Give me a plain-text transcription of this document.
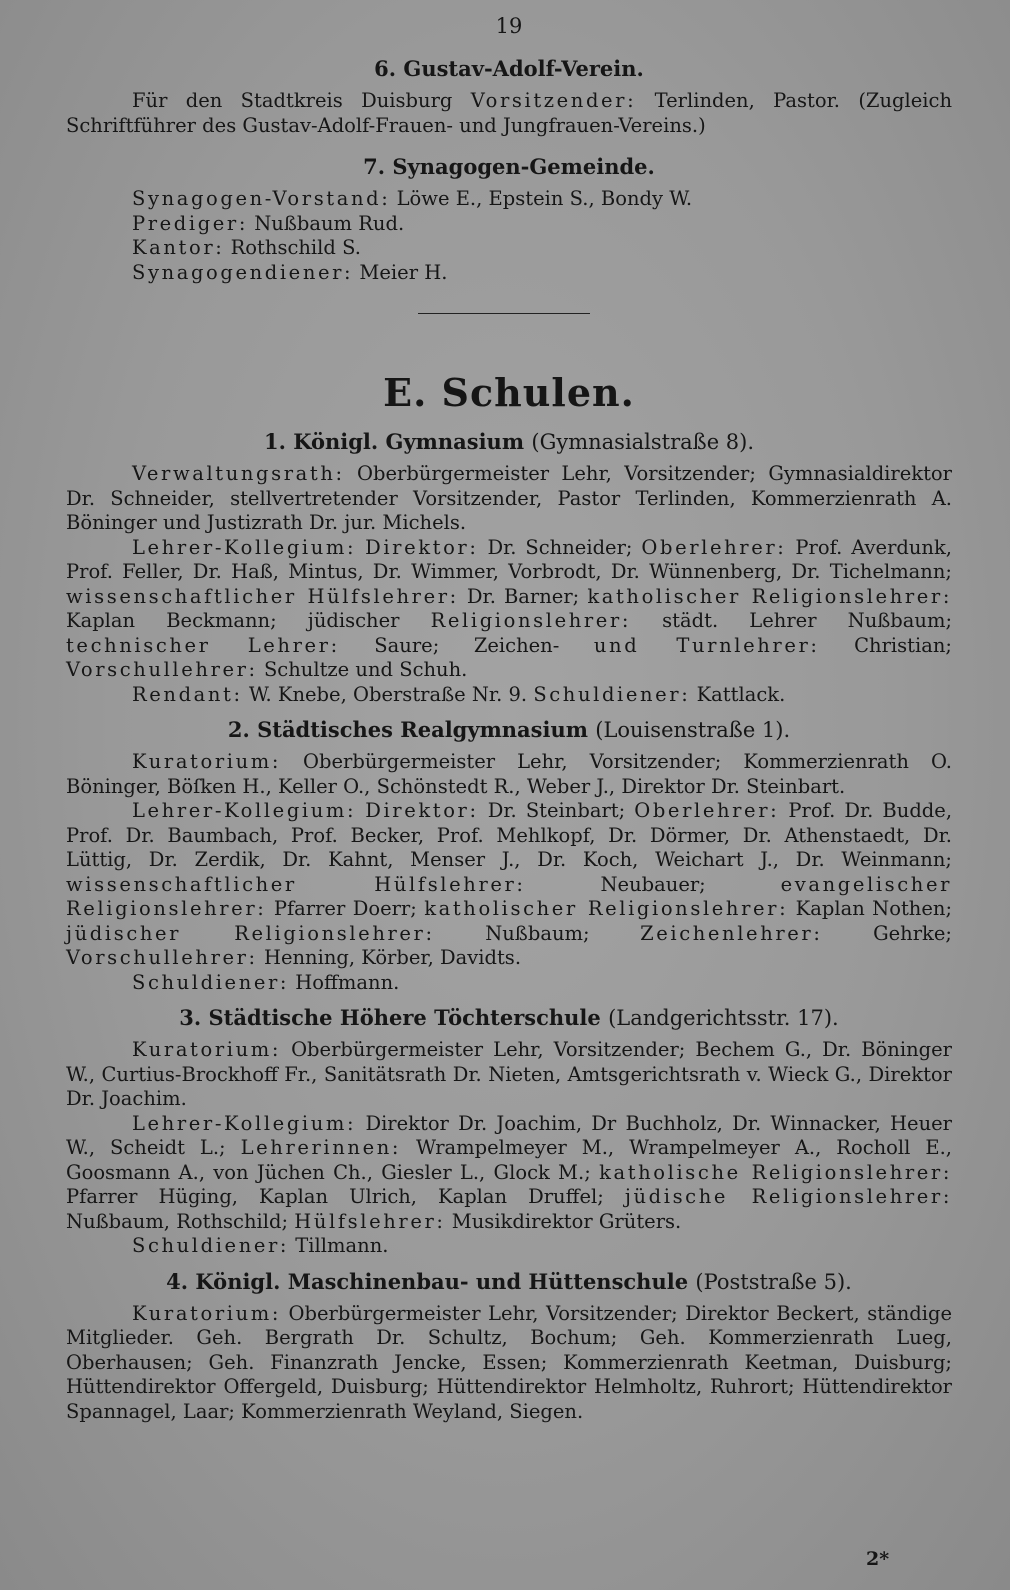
19
6. Gustav-Adolf-Verein.

Für den Stadtkreis Duisburg Vorsitzender: Terlinden, Pastor. (Zugleich Schriftführer des Gustav-Adolf-Frauen- und Jungfrauen-Vereins.)

7. Synagogen-Gemeinde.

Synagogen-Vorstand: Löwe E., Epstein S., Bondy W.

Prediger: Nußbaum Rud.

Kantor: Rothschild S.

Synagogendiener: Meier H.

E. Schulen.
1. Königl. Gymnasium (Gymnasialstraße 8).

Verwaltungsrath: Oberbürgermeister Lehr, Vorsitzender; Gymnasialdirektor Dr. Schneider, stellvertretender Vorsitzender, Pastor Terlinden, Kommerzienrath A. Böninger und Justizrath Dr. jur. Michels.

Lehrer-Kollegium: Direktor: Dr. Schneider; Oberlehrer: Prof. Averdunk, Prof. Feller, Dr. Haß, Mintus, Dr. Wimmer, Vorbrodt, Dr. Wünnenberg, Dr. Tichelmann; wissenschaftlicher Hülfslehrer: Dr. Barner; katholischer Religionslehrer: Kaplan Beckmann; jüdischer Religionslehrer: städt. Lehrer Nußbaum; technischer Lehrer: Saure; Zeichen- und Turnlehrer: Christian; Vorschullehrer: Schultze und Schuh.

Rendant: W. Knebe, Oberstraße Nr. 9. Schuldiener: Kattlack.

2. Städtisches Realgymnasium (Louisenstraße 1).

Kuratorium: Oberbürgermeister Lehr, Vorsitzender; Kommerzienrath O. Böninger, Böſken H., Keller O., Schönstedt R., Weber J., Direktor Dr. Steinbart.

Lehrer-Kollegium: Direktor: Dr. Steinbart; Oberlehrer: Prof. Dr. Budde, Prof. Dr. Baumbach, Prof. Becker, Prof. Mehlkopf, Dr. Dörmer, Dr. Athenstaedt, Dr. Lüttig, Dr. Zerdik, Dr. Kahnt, Menser J., Dr. Koch, Weichart J., Dr. Weinmann; wissenschaftlicher Hülfslehrer:	Neubauer;	evangelischer Religionslehrer: Pfarrer Doerr; katholischer Religionslehrer: Kaplan Nothen; jüdischer Religionslehrer:	Nußbaum;	Zeichenlehrer:	Gehrke; Vorschullehrer: Henning, Körber, Davidts.

Schuldiener: Hoffmann.

3. Städtische Höhere Töchterschule (Landgerichtsstr. 17).

Kuratorium: Oberbürgermeister Lehr, Vorsitzender; Bechem G., Dr. Böninger W., Curtius-Brockhoff Fr., Sanitätsrath Dr. Nieten, Amtsgerichtsrath v. Wieck G., Direktor Dr. Joachim.

Lehrer-Kollegium: Direktor Dr. Joachim, Dr Buchholz, Dr. Winnacker, Heuer W., Scheidt L.; Lehrerinnen: Wrampelmeyer M., Wrampelmeyer A., Rocholl E., Goosmann A., von Jüchen Ch., Giesler L., Glock M.; katholische Religionslehrer: Pfarrer Hüging, Kaplan Ulrich, Kaplan Druffel; jüdische Religionslehrer: Nußbaum, Rothschild; Hülfslehrer: Musikdirektor Grüters.

Schuldiener: Tillmann.

4. Königl. Maschinenbau- und Hüttenschule (Poststraße 5).

Kuratorium: Oberbürgermeister Lehr, Vorsitzender; Direktor Beckert, ständige Mitglieder. Geh. Bergrath Dr. Schultz, Bochum; Geh. Kommerzienrath Lueg, Oberhausen; Geh. Finanzrath Jencke, Essen; Kommerzienrath Keetman, Duisburg; Hüttendirektor Offergeld, Duisburg; Hüttendirektor Helmholtz, Ruhrort; Hüttendirektor Spannagel, Laar; Kommerzienrath Weyland, Siegen.

2*
